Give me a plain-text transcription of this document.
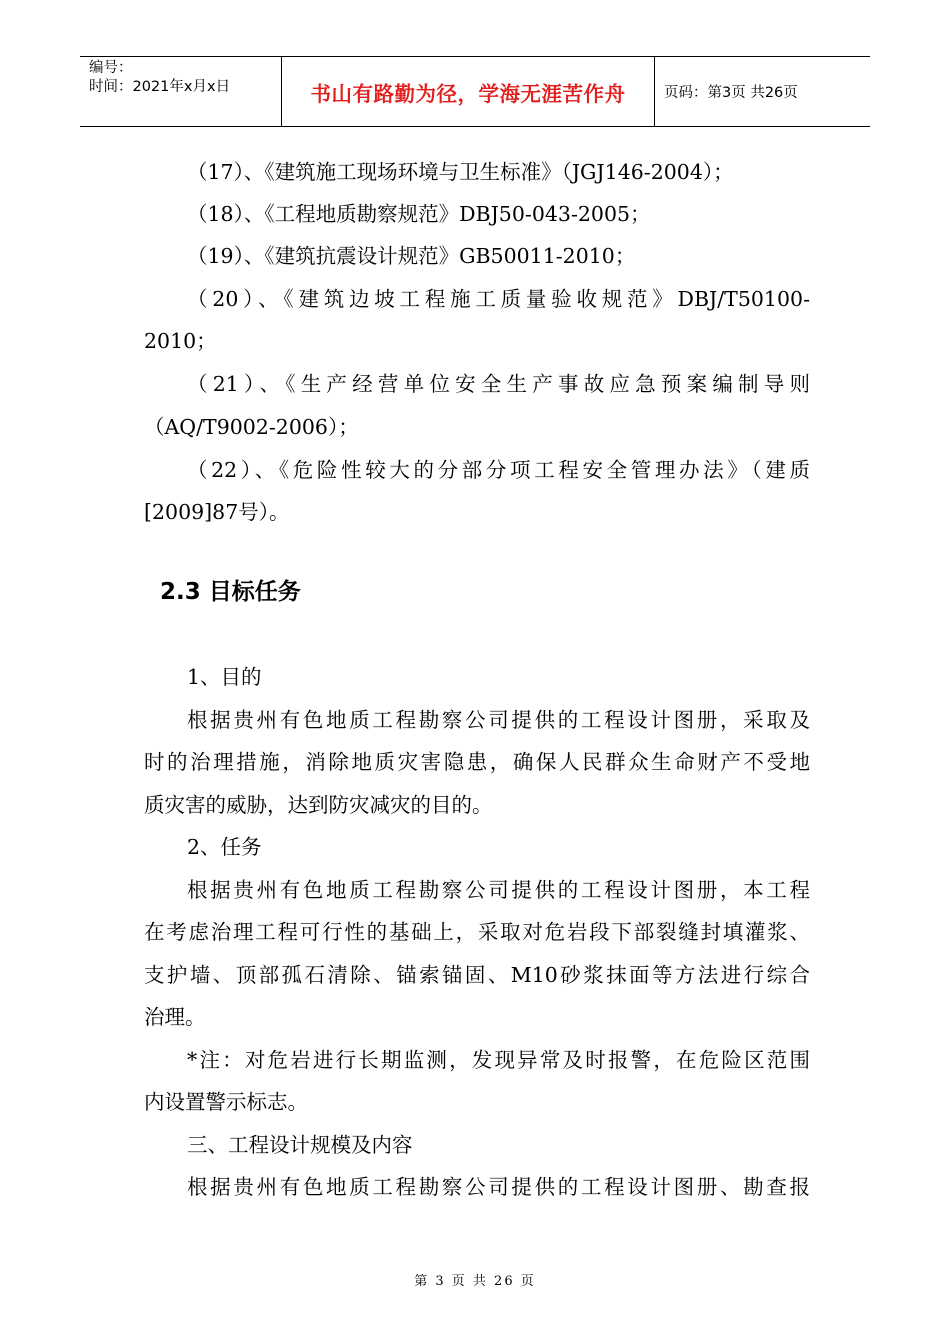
编号：
时间：2021年x月x日	书山有路勤为径，学海无涯苦作舟	页码：第3页 共26页
（17）、《建筑施工现场环境与卫生标准》（JGJ146-2004）；
（18）、《工程地质勘察规范》DBJ50-043-2005；
（19）、《建筑抗震设计规范》GB50011-2010；
（20）、《建筑边坡工程施工质量验收规范》DBJ/T50100-
2010；
（21）、《生产经营单位安全生产事故应急预案编制导则
（AQ/T9002-2006）；
（22）、《危险性较大的分部分项工程安全管理办法》（建质
[2009]87号）。
2.3 目标任务
1、目的
根据贵州有色地质工程勘察公司提供的工程设计图册，采取及
时的治理措施，消除地质灾害隐患，确保人民群众生命财产不受地
质灾害的威胁，达到防灾减灾的目的。
2、任务
根据贵州有色地质工程勘察公司提供的工程设计图册，本工程
在考虑治理工程可行性的基础上，采取对危岩段下部裂缝封填灌浆、
支护墙、顶部孤石清除、锚索锚固、M10砂浆抹面等方法进行综合
治理。
*注：对危岩进行长期监测，发现异常及时报警，在危险区范围
内设置警示标志。
三、工程设计规模及内容
根据贵州有色地质工程勘察公司提供的工程设计图册、勘查报
第 3 页 共 26 页
